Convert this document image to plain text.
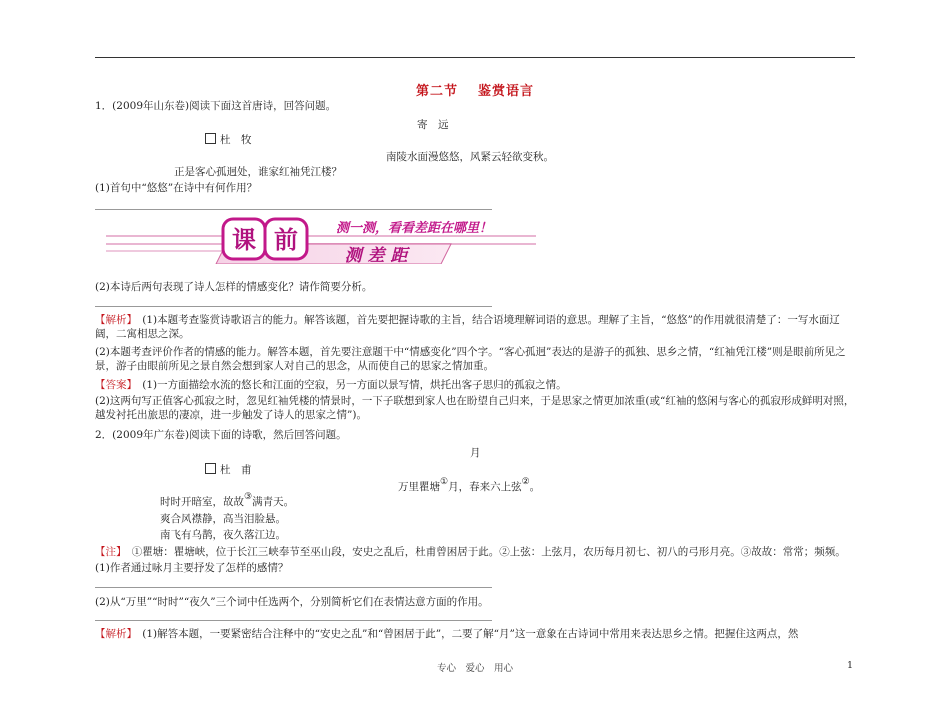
第二节 鉴赏语言
1．(2009年山东卷)阅读下面这首唐诗，回答问题。
寄　远
杜　牧
南陵水面漫悠悠，风紧云轻欲变秋。
正是客心孤迥处，谁家红袖凭江楼？
(1)首句中“悠悠”在诗中有何作用？
课 前	测一测，看看差距在哪里！
测 差 距
(2)本诗后两句表现了诗人怎样的情感变化？请作简要分析。
【解析】　 (1)本题考查鉴赏诗歌语言的能力。解答该题，首先要把握诗歌的主旨，结合语境理解词语的意思。理解了主旨，“悠悠”的作用就很清楚了：一写水面辽阔，二寓相思之深。
(2)本题考查评价作者的情感的能力。解答本题，首先要注意题干中“情感变化”四个字。“客心孤迥”表达的是游子的孤独、思乡之情，“红袖凭江楼”则是眼前所见之景，游子由眼前所见之景自然会想到家人对自己的思念，从而使自己的思家之情加重。
【答案】　 (1)一方面描绘水流的悠长和江面的空寂，另一方面以景写情，烘托出客子思归的孤寂之情。
(2)这两句写正值客心孤寂之时，忽见红袖凭楼的情景时，一下子联想到家人也在盼望自己归来，于是思家之情更加浓重(或“红袖的悠闲与客心的孤寂形成鲜明对照，越发衬托出旅思的凄凉，进一步触发了诗人的思家之情”)。
2．(2009年广东卷)阅读下面的诗歌，然后回答问题。
月
杜　甫
万里瞿塘①月，春来六上弦②。
时时开暗室，故故③满青天。
爽合风襟静，高当泪脸悬。
南飞有乌鹊，夜久落江边。
【注】　 ①瞿塘：瞿塘峡，位于长江三峡奉节至巫山段，安史之乱后，杜甫曾困居于此。②上弦：上弦月，农历每月初七、初八的弓形月亮。③故故：常常；频频。
(1)作者通过咏月主要抒发了怎样的感情？
(2)从“万里”“时时”“夜久”三个词中任选两个，分别简析它们在表情达意方面的作用。
【解析】　 (1)解答本题，一要紧密结合注释中的“安史之乱”和“曾困居于此”，二要了解“月”这一意象在古诗词中常用来表达思乡之情。把握住这两点，然
专心　爱心　用心	1
